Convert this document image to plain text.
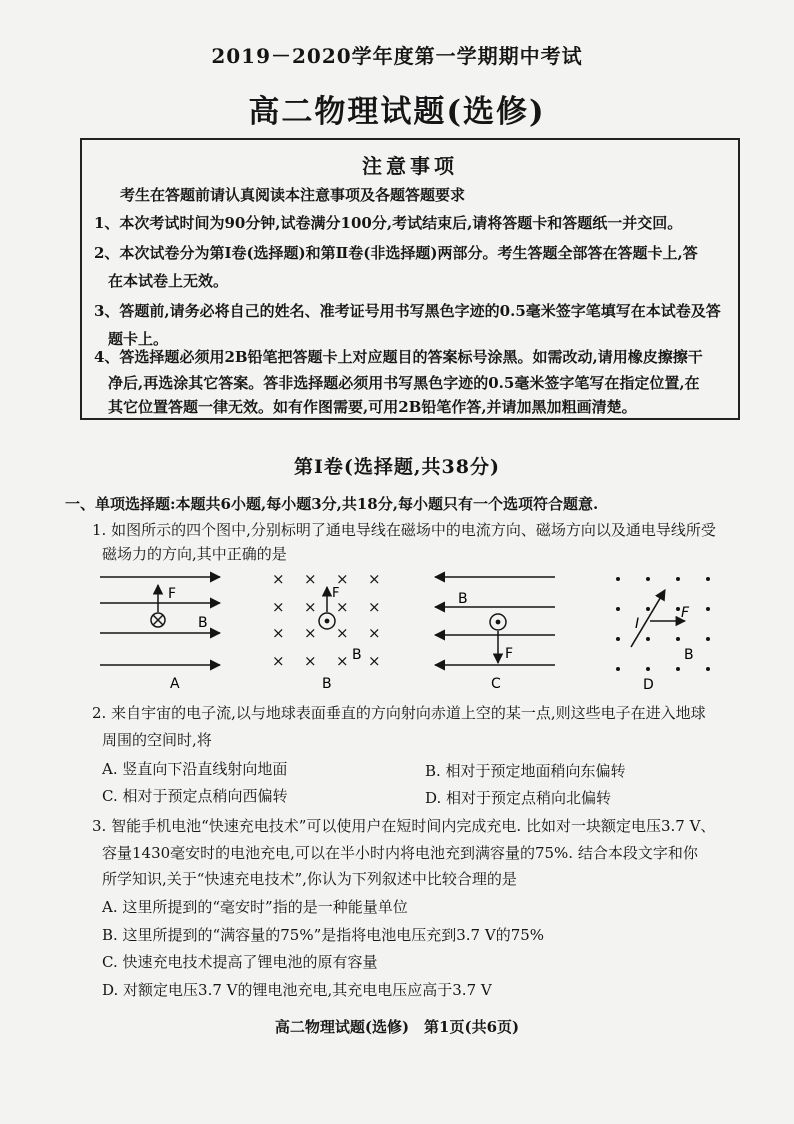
2019－2020学年度第一学期期中考试
高二物理试题(选修)
注意事项
考生在答题前请认真阅读本注意事项及各题答题要求
1、本次考试时间为90分钟,试卷满分100分,考试结束后,请将答题卡和答题纸一并交回。
2、本次试卷分为第Ⅰ卷(选择题)和第Ⅱ卷(非选择题)两部分。考生答题全部答在答题卡上,答
在本试卷上无效。
3、答题前,请务必将自己的姓名、准考证号用书写黑色字迹的0.5毫米签字笔填写在本试卷及答
题卡上。
4、答选择题必须用2B铅笔把答题卡上对应题目的答案标号涂黑。如需改动,请用橡皮擦擦干
净后,再选涂其它答案。答非选择题必须用书写黑色字迹的0.5毫米签字笔写在指定位置,在
其它位置答题一律无效。如有作图需要,可用2B铅笔作答,并请加黑加粗画清楚。
第Ⅰ卷(选择题,共38分)
一、单项选择题:本题共6小题,每小题3分,共18分,每小题只有一个选项符合题意.
1. 如图所示的四个图中,分别标明了通电导线在磁场中的电流方向、磁场方向以及通电导线所受
磁场力的方向,其中正确的是
F
B
A
× × × ×
× × × ×
× × × ×
× × × ×
F
B
B
B
F
C
I
F
B
D
2. 来自宇宙的电子流,以与地球表面垂直的方向射向赤道上空的某一点,则这些电子在进入地球
周围的空间时,将
A. 竖直向下沿直线射向地面	B. 相对于预定地面稍向东偏转
C. 相对于预定点稍向西偏转	D. 相对于预定点稍向北偏转
3. 智能手机电池“快速充电技术”可以使用户在短时间内完成充电. 比如对一块额定电压3.7 V、
容量1430毫安时的电池充电,可以在半小时内将电池充到满容量的75%. 结合本段文字和你
所学知识,关于“快速充电技术”,你认为下列叙述中比较合理的是
A. 这里所提到的“毫安时”指的是一种能量单位
B. 这里所提到的“满容量的75%”是指将电池电压充到3.7 V的75%
C. 快速充电技术提高了锂电池的原有容量
D. 对额定电压3.7 V的锂电池充电,其充电电压应高于3.7 V
高二物理试题(选修)　第1页(共6页)
